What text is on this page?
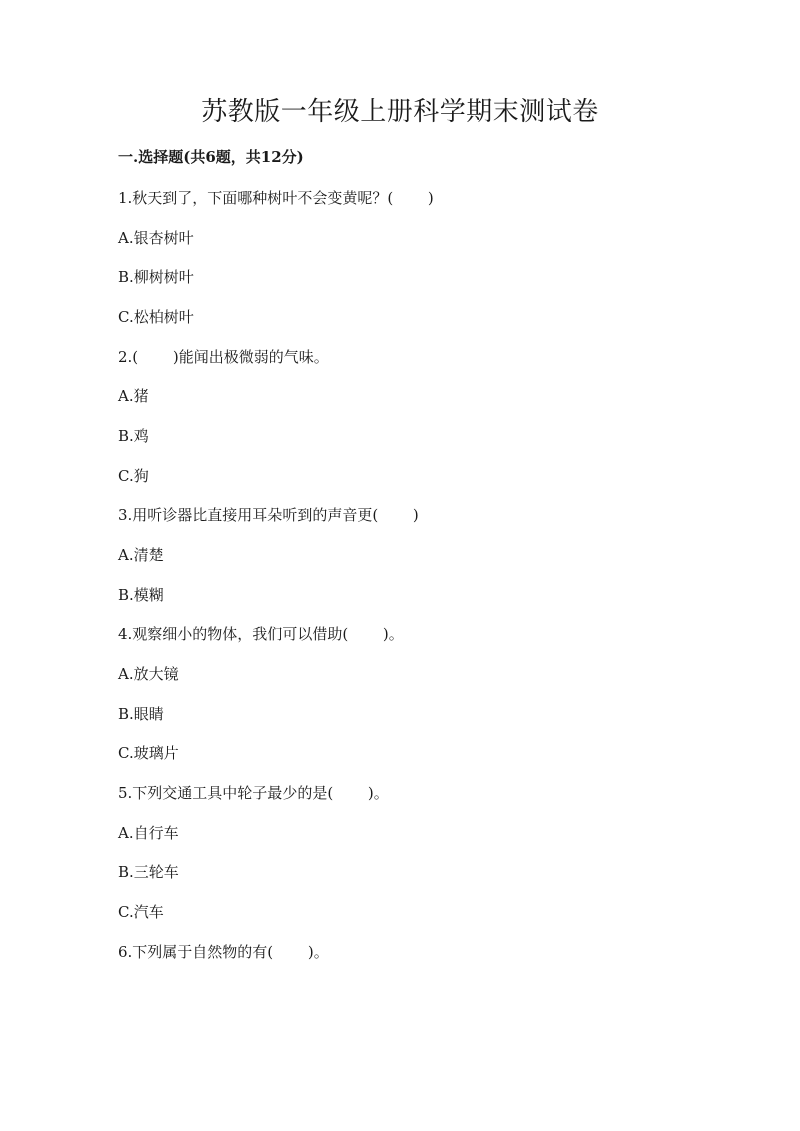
苏教版一年级上册科学期末测试卷

一.选择题(共6题，共12分)

1.秋天到了，下面哪种树叶不会变黄呢？(　　 )

A.银杏树叶

B.柳树树叶

C.松柏树叶

2.(　　 )能闻出极微弱的气味。

A.猪

B.鸡

C.狗

3.用听诊器比直接用耳朵听到的声音更(　　 )

A.清楚

B.模糊

4.观察细小的物体，我们可以借助(　　 )。

A.放大镜

B.眼睛

C.玻璃片

5.下列交通工具中轮子最少的是(　　 )。

A.自行车

B.三轮车

C.汽车

6.下列属于自然物的有(　　 )。
